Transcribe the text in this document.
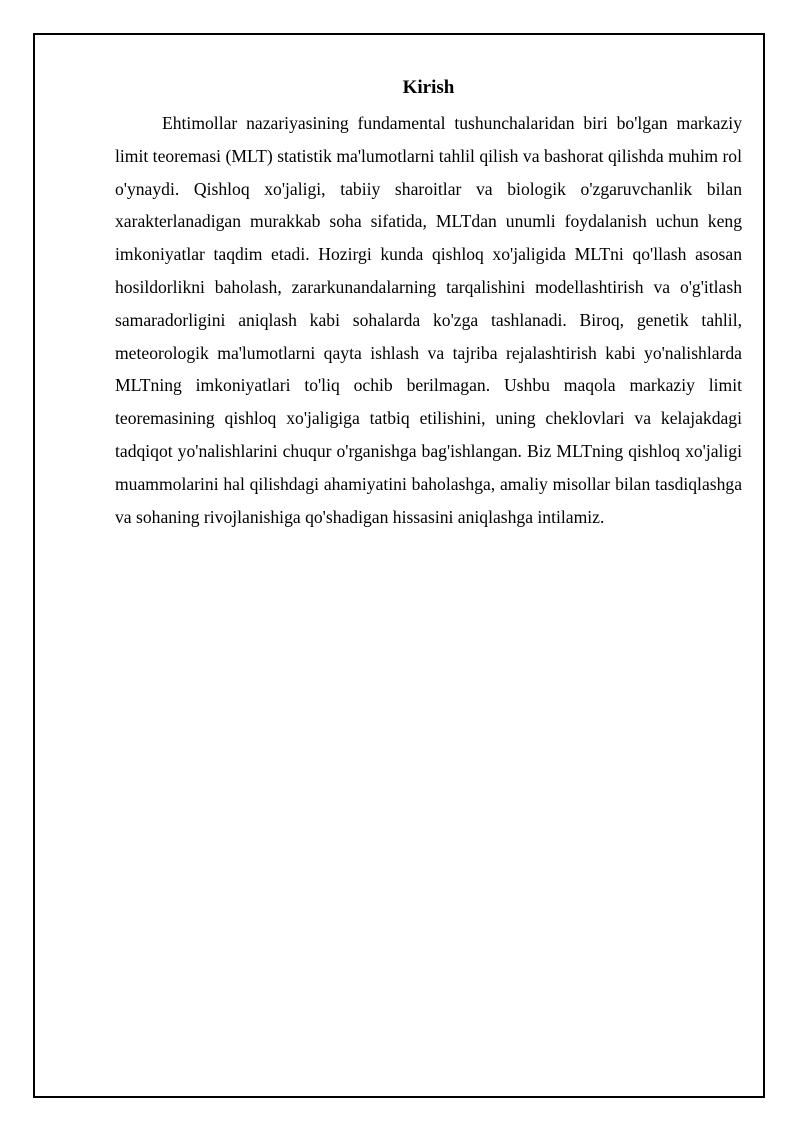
Kirish

Ehtimollar nazariyasining fundamental tushunchalaridan biri bo'lgan markaziy limit teoremasi (MLT) statistik ma'lumotlarni tahlil qilish va bashorat qilishda muhim rol o'ynaydi. Qishloq xo'jaligi, tabiiy sharoitlar va biologik o'zgaruvchanlik bilan xarakterlanadigan murakkab soha sifatida, MLTdan unumli foydalanish uchun keng imkoniyatlar taqdim etadi. Hozirgi kunda qishloq xo'jaligida MLTni qo'llash asosan hosildorlikni baholash, zararkunandalarning tarqalishini modellashtirish va o'g'itlash samaradorligini aniqlash kabi sohalarda ko'zga tashlanadi. Biroq, genetik tahlil, meteorologik ma'lumotlarni qayta ishlash va tajriba rejalashtirish kabi yo'nalishlarda MLTning imkoniyatlari to'liq ochib berilmagan. Ushbu maqola markaziy limit teoremasining qishloq xo'jaligiga tatbiq etilishini, uning cheklovlari va kelajakdagi tadqiqot yo'nalishlarini chuqur o'rganishga bag'ishlangan. Biz MLTning qishloq xo'jaligi muammolarini hal qilishdagi ahamiyatini baholashga, amaliy misollar bilan tasdiqlashga va sohaning rivojlanishiga qo'shadigan hissasini aniqlashga intilamiz.
